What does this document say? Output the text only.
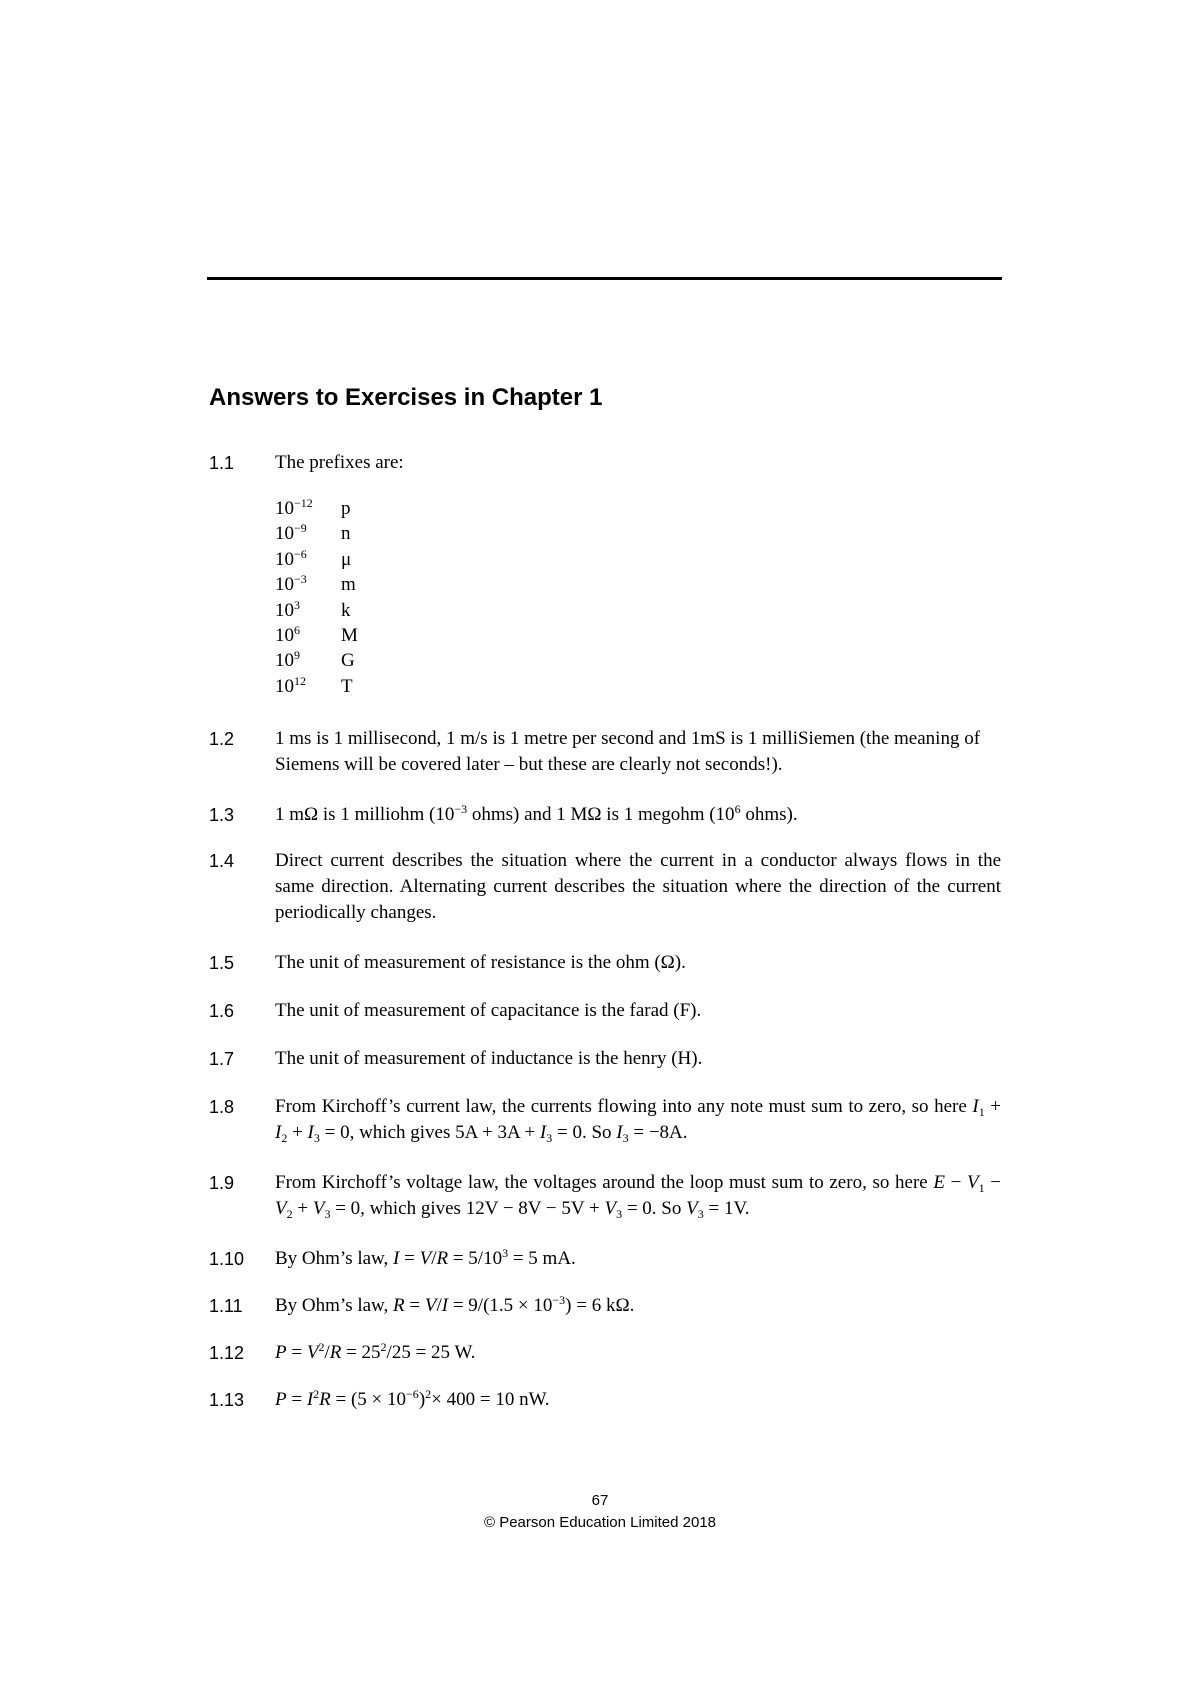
Answers to Exercises in Chapter 1
1.1	The prefixes are:
$10^{-12}$ p
$10^{-9}$ n
$10^{-6}$ μ
$10^{-3}$ m
$10^3$ k
$10^6$ M
$10^9$ G
$10^{12}$ T
1.2	1 ms is 1 millisecond, 1 m/s is 1 metre per second and 1mS is 1 milliSiemen (the meaning of Siemens will be covered later – but these are clearly not seconds!).
1.3	1 mΩ is 1 milliohm ($10^{-3}$ ohms) and 1 MΩ is 1 megohm ($10^6$ ohms).
1.4	Direct current describes the situation where the current in a conductor always flows in the same direction. Alternating current describes the situation where the direction of the current periodically changes.
1.5	The unit of measurement of resistance is the ohm (Ω).
1.6	The unit of measurement of capacitance is the farad (F).
1.7	The unit of measurement of inductance is the henry (H).
1.8	From Kirchoff’s current law, the currents flowing into any note must sum to zero, so here $I_1 + I_2 + I_3 = 0$, which gives $5A + 3A + I_3 = 0$. So $I_3 = -8A$.
1.9	From Kirchoff’s voltage law, the voltages around the loop must sum to zero, so here $E - V_1 - V_2 + V_3 = 0$, which gives $12V - 8V - 5V + V_3 = 0$. So $V_3 = 1V$.
1.10	By Ohm’s law, $I = V/R = 5/10^3 = 5$ mA.
1.11	By Ohm’s law, $R = V/I = 9/(1.5 \times 10^{-3}) = 6$ kΩ.
1.12	$P = V^2/R = 25^2/25 = 25$ W.
1.13	$P = I^2R = (5 \times 10^{-6})^2\times 400 = 10$ nW.
67
© Pearson Education Limited 2018
